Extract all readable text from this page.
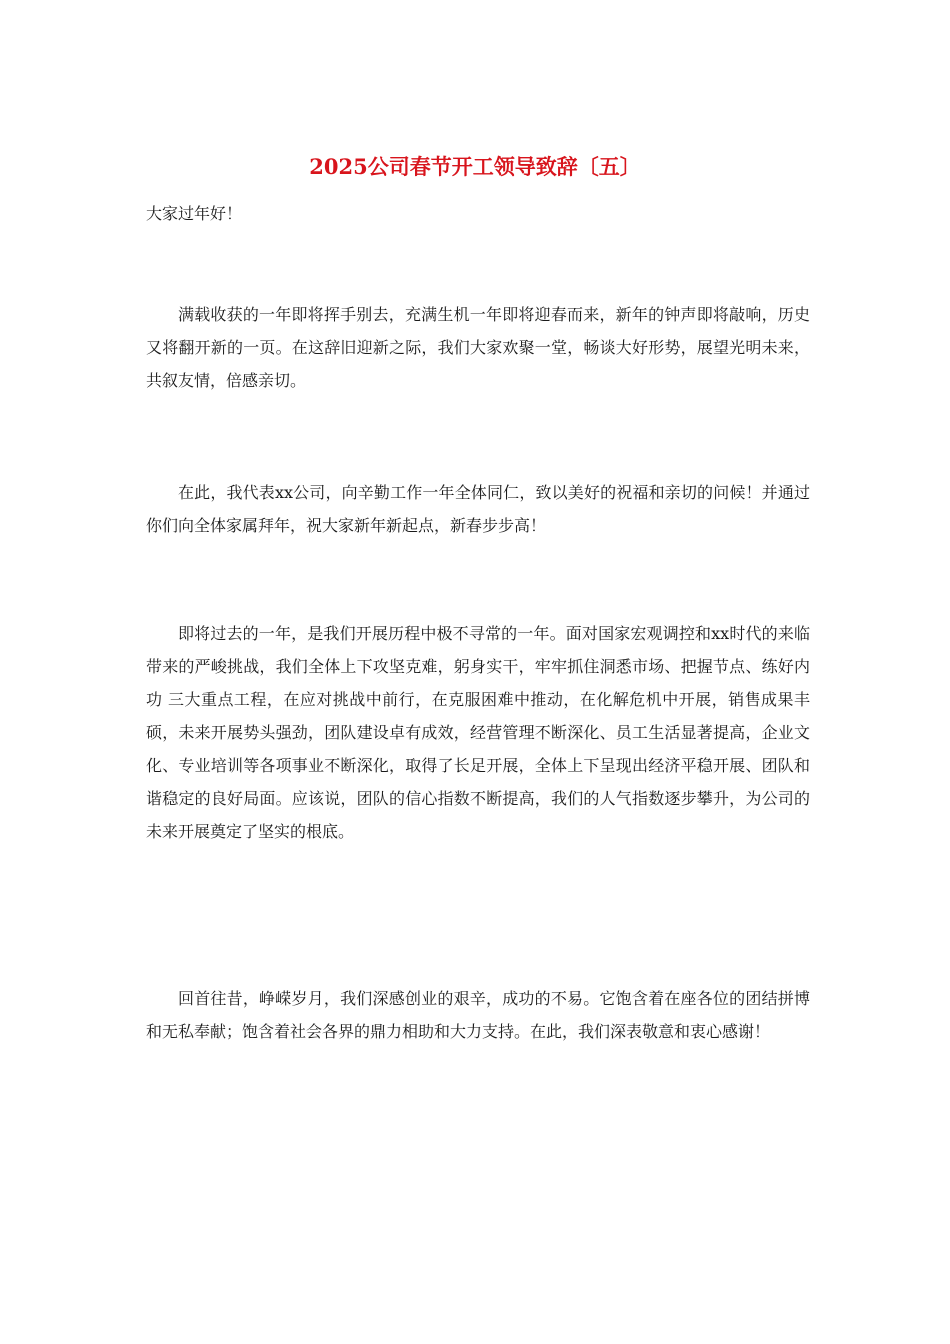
2025公司春节开工领导致辞〔五〕
大家过年好！

满载收获的一年即将挥手别去，充满生机一年即将迎春而来，新年的钟声即将敲响，历史又将翻开新的一页。在这辞旧迎新之际，我们大家欢聚一堂，畅谈大好形势，展望光明未来，共叙友情，倍感亲切。

在此，我代表xx公司，向辛勤工作一年全体同仁，致以美好的祝福和亲切的问候！并通过你们向全体家属拜年，祝大家新年新起点，新春步步高！

即将过去的一年，是我们开展历程中极不寻常的一年。面对国家宏观调控和xx时代的来临带来的严峻挑战，我们全体上下攻坚克难，躬身实干，牢牢抓住洞悉市场、把握节点、练好内功 三大重点工程，在应对挑战中前行，在克服困难中推动，在化解危机中开展，销售成果丰硕，未来开展势头强劲，团队建设卓有成效，经营管理不断深化、员工生活显著提高，企业文化、专业培训等各项事业不断深化，取得了长足开展，全体上下呈现出经济平稳开展、团队和谐稳定的良好局面。应该说，团队的信心指数不断提高，我们的人气指数逐步攀升，为公司的未来开展奠定了坚实的根底。

回首往昔，峥嵘岁月，我们深感创业的艰辛，成功的不易。它饱含着在座各位的团结拼博和无私奉献；饱含着社会各界的鼎力相助和大力支持。在此，我们深表敬意和衷心感谢！
